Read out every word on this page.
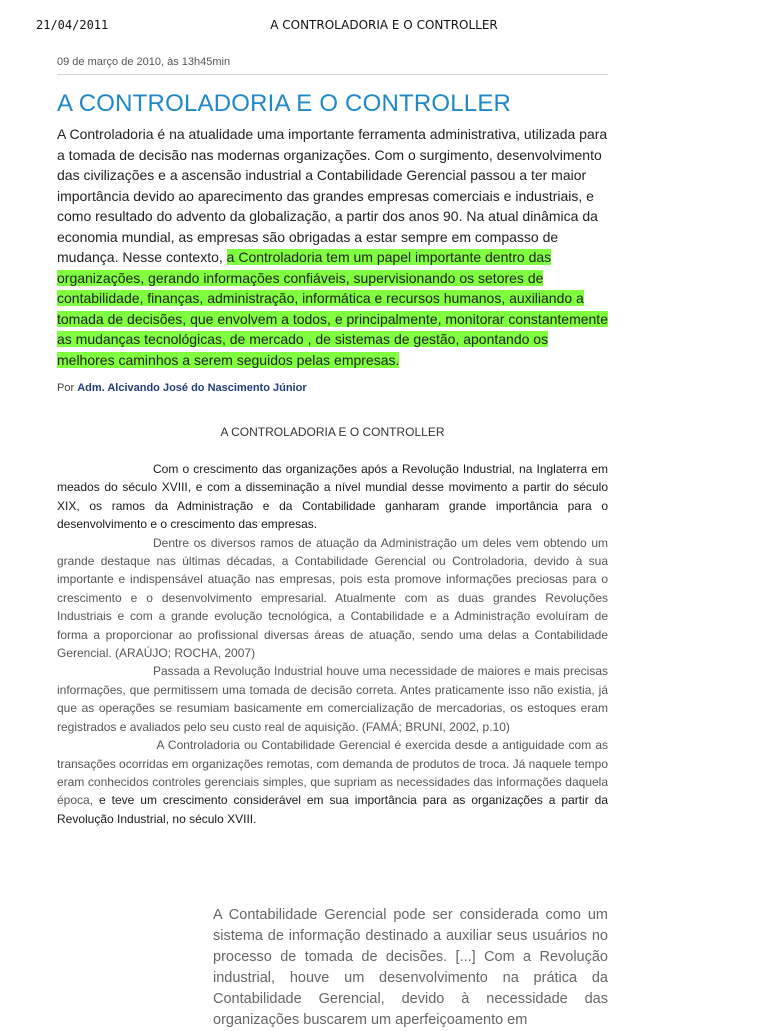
21/04/2011	A CONTROLADORIA E O CONTROLLER
09 de março de 2010, às 13h45min
A CONTROLADORIA E O CONTROLLER

A Controladoria é na atualidade uma importante ferramenta administrativa, utilizada para a tomada de decisão nas modernas organizações. Com o surgimento, desenvolvimento das civilizações e a ascensão industrial a Contabilidade Gerencial passou a ter maior importância devido ao aparecimento das grandes empresas comerciais e industriais, e como resultado do advento da globalização, a partir dos anos 90. Na atual dinâmica da economia mundial, as empresas são obrigadas a estar sempre em compasso de mudança. Nesse contexto, a Controladoria tem um papel importante dentro das organizações, gerando informações confiáveis, supervisionando os setores de contabilidade, finanças, administração, informática e recursos humanos, auxiliando a tomada de decisões, que envolvem a todos, e principalmente, monitorar constantemente as mudanças tecnológicas, de mercado , de sistemas de gestão, apontando os melhores caminhos a serem seguidos pelas empresas.

Por Adm. Alcivando José do Nascimento Júnior
A CONTROLADORIA E O CONTROLLER

Com o crescimento das organizações após a Revolução Industrial, na Inglaterra em meados do século XVIII, e com a disseminação a nível mundial desse movimento a partir do século XIX, os ramos da Administração e da Contabilidade ganharam grande importância para o desenvolvimento e o crescimento das empresas.

Dentre os diversos ramos de atuação da Administração um deles vem obtendo um grande destaque nas últimas décadas, a Contabilidade Gerencial ou Controladoria, devido à sua importante e indispensável atuação nas empresas, pois esta promove informações preciosas para o crescimento e o desenvolvimento empresarial. Atualmente com as duas grandes Revoluções Industriais e com a grande evolução tecnológica, a Contabilidade e a Administração evoluíram de forma a proporcionar ao profissional diversas áreas de atuação, sendo uma delas a Contabilidade Gerencial. (ARAÚJO; ROCHA, 2007)

Passada a Revolução Industrial houve uma necessidade de maiores e mais precisas informações, que permitissem uma tomada de decisão correta. Antes praticamente isso não existia, já que as operações se resumiam basicamente em comercialização de mercadorias, os estoques eram registrados e avaliados pelo seu custo real de aquisição. (FAMÁ; BRUNI, 2002, p.10)

A Controladoria ou Contabilidade Gerencial é exercida desde a antiguidade com as transações ocorridas em organizações remotas, com demanda de produtos de troca. Já naquele tempo eram conhecidos controles gerenciais simples, que supriam as necessidades das informações daquela época, e teve um crescimento considerável em sua importância para as organizações a partir da Revolução Industrial, no século XVIII.

A Contabilidade Gerencial pode ser considerada como um sistema de informação destinado a auxiliar seus usuários no processo de tomada de decisões. [...] Com a Revolução industrial, houve um desenvolvimento na prática da Contabilidade Gerencial, devido à necessidade das organizações buscarem um aperfeiçoamento em
